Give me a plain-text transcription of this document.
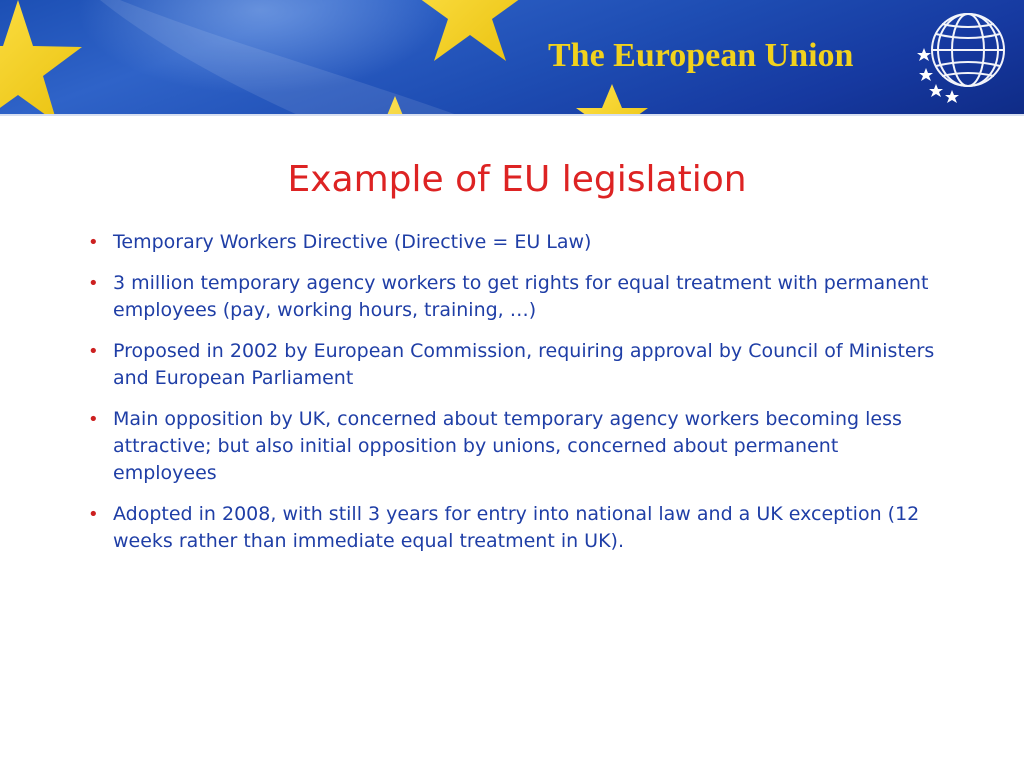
The European Union
Example of EU legislation
• Temporary Workers Directive (Directive = EU Law)
• 3 million temporary agency workers to get rights for equal treatment with permanent employees (pay, working hours, training, …)
• Proposed in 2002 by European Commission, requiring approval by Council of Ministers and European Parliament
• Main opposition by UK, concerned about temporary agency workers becoming less attractive; but also initial opposition by unions, concerned about permanent employees
• Adopted in 2008, with still 3 years for entry into national law and a UK exception (12 weeks rather than immediate equal treatment in UK).
